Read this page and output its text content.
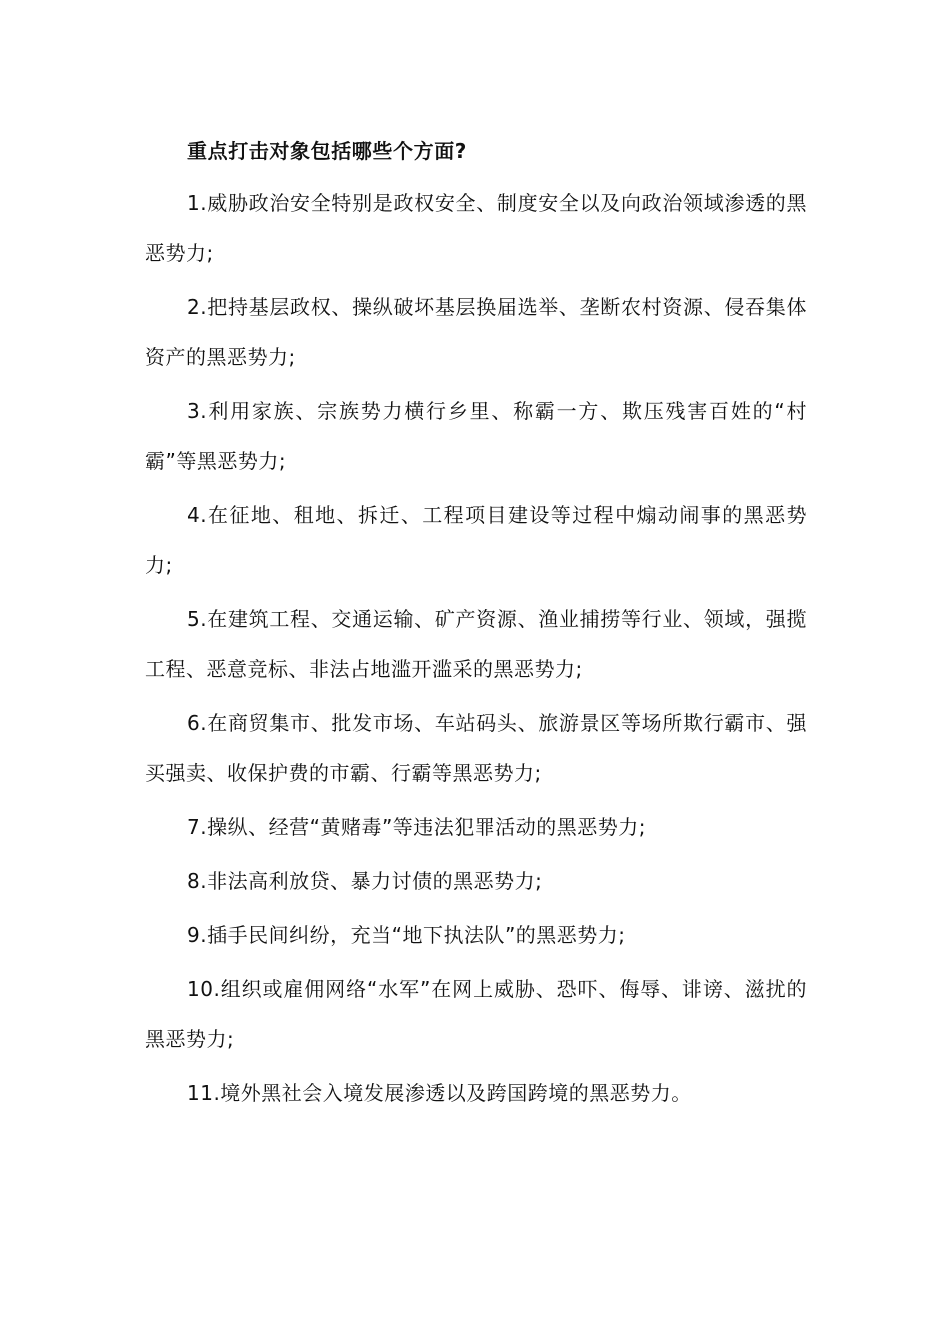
重点打击对象包括哪些个方面?

1.威胁政治安全特别是政权安全、制度安全以及向政治领域渗透的黑恶势力;

2.把持基层政权、操纵破坏基层换届选举、垄断农村资源、侵吞集体资产的黑恶势力;

3.利用家族、宗族势力横行乡里、称霸一方、欺压残害百姓的“村霸”等黑恶势力;

4.在征地、租地、拆迁、工程项目建设等过程中煽动闹事的黑恶势力;

5.在建筑工程、交通运输、矿产资源、渔业捕捞等行业、领域，强揽工程、恶意竞标、非法占地滥开滥采的黑恶势力;

6.在商贸集市、批发市场、车站码头、旅游景区等场所欺行霸市、强买强卖、收保护费的市霸、行霸等黑恶势力;

7.操纵、经营“黄赌毒”等违法犯罪活动的黑恶势力;

8.非法高利放贷、暴力讨债的黑恶势力;

9.插手民间纠纷，充当“地下执法队”的黑恶势力;

10.组织或雇佣网络“水军”在网上威胁、恐吓、侮辱、诽谤、滋扰的黑恶势力;

11.境外黑社会入境发展渗透以及跨国跨境的黑恶势力。
